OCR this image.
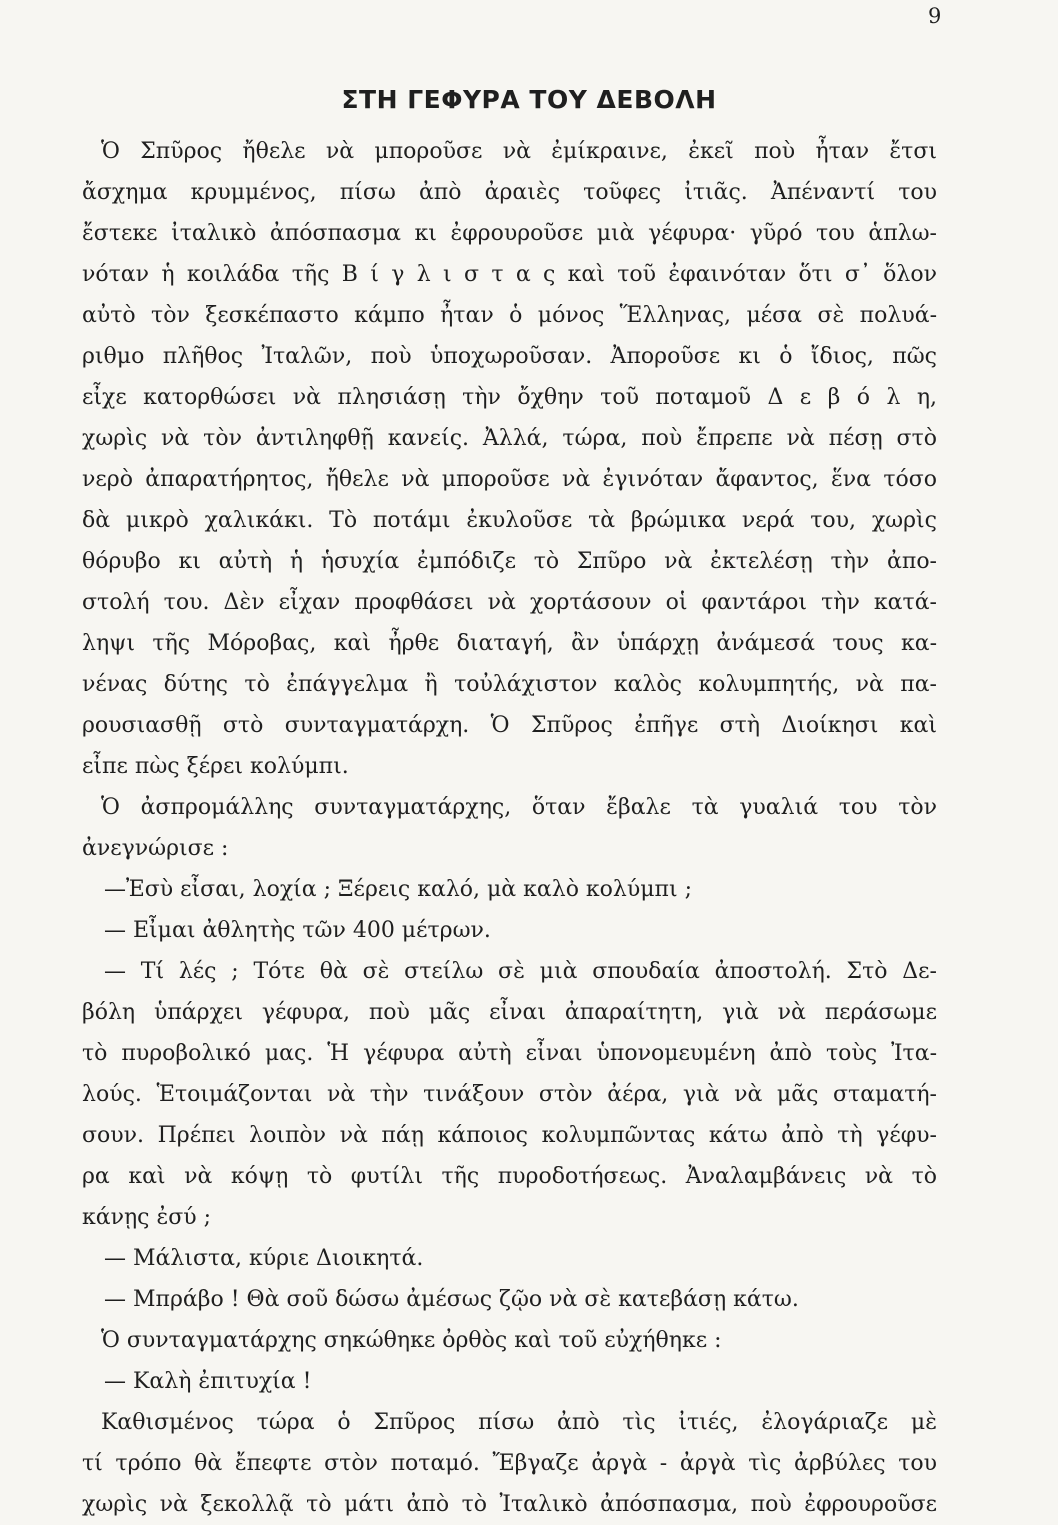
9
ΣΤΗ ΓΕΦΥΡΑ ΤΟΥ ΔΕΒΟΛΗ
Ὁ Σπῦρος ἤθελε νὰ μποροῦσε νὰ ἐμίκραινε, ἐκεῖ ποὺ ἦταν ἔτσι
ἄσχημα κρυμμένος, πίσω ἀπὸ ἀραιὲς τοῦφες ἰτιᾶς. Ἀπέναντί του
ἔστεκε ἰταλικὸ ἀπόσπασμα κι ἐφρουροῦσε μιὰ γέφυρα· γῦρό του ἁπλω-
νόταν ἡ κοιλάδα τῆς Β ί γ λ ι σ τ α ς καὶ τοῦ ἐφαινόταν ὅτι σ᾽ ὅλον
αὐτὸ τὸν ξεσκέπαστο κάμπο ἦταν ὁ μόνος Ἕλληνας, μέσα σὲ πολυά-
ριθμο πλῆθος Ἰταλῶν, ποὺ ὑποχωροῦσαν. Ἀποροῦσε κι ὁ ἴδιος, πῶς
εἶχε κατορθώσει νὰ πλησιάσῃ τὴν ὄχθην τοῦ ποταμοῦ Δ ε β ό λ η,
χωρὶς νὰ τὸν ἀντιληφθῇ κανείς. Ἀλλά, τώρα, ποὺ ἔπρεπε νὰ πέσῃ στὸ
νερὸ ἀπαρατήρητος, ἤθελε νὰ μποροῦσε νὰ ἐγινόταν ἄφαντος, ἕνα τόσο
δὰ μικρὸ χαλικάκι. Τὸ ποτάμι ἐκυλοῦσε τὰ βρώμικα νερά του, χωρὶς
θόρυβο κι αὐτὴ ἡ ἡσυχία ἐμπόδιζε τὸ Σπῦρο νὰ ἐκτελέσῃ τὴν ἀπο-
στολή του. Δὲν εἶχαν προφθάσει νὰ χορτάσουν οἱ φαντάροι τὴν κατά-
ληψι τῆς Μόροβας, καὶ ἦρθε διαταγή, ἂν ὑπάρχῃ ἀνάμεσά τους κα-
νένας δύτης τὸ ἐπάγγελμα ἢ τοὐλάχιστον καλὸς κολυμπητής, νὰ πα-
ρουσιασθῇ στὸ συνταγματάρχη. Ὁ Σπῦρος ἐπῆγε στὴ Διοίκησι καὶ
εἶπε πὼς ξέρει κολύμπι.
Ὁ ἀσπρομάλλης συνταγματάρχης, ὅταν ἔβαλε τὰ γυαλιά του τὸν
ἀνεγνώρισε :
—Ἐσὺ εἶσαι, λοχία ; Ξέρεις καλό, μὰ καλὸ κολύμπι ;
— Εἶμαι ἀθλητὴς τῶν 400 μέτρων.
— Τί λές ; Τότε θὰ σὲ στείλω σὲ μιὰ σπουδαία ἀποστολή. Στὸ Δε-
βόλη ὑπάρχει γέφυρα, ποὺ μᾶς εἶναι ἀπαραίτητη, γιὰ νὰ περάσωμε
τὸ πυροβολικό μας. Ἡ γέφυρα αὐτὴ εἶναι ὑπονομευμένη ἀπὸ τοὺς Ἰτα-
λούς. Ἑτοιμάζονται νὰ τὴν τινάξουν στὸν ἀέρα, γιὰ νὰ μᾶς σταματή-
σουν. Πρέπει λοιπὸν νὰ πάῃ κάποιος κολυμπῶντας κάτω ἀπὸ τὴ γέφυ-
ρα καὶ νὰ κόψῃ τὸ φυτίλι τῆς πυροδοτήσεως. Ἀναλαμβάνεις νὰ τὸ
κάνῃς ἐσύ ;
— Μάλιστα, κύριε Διοικητά.
— Μπράβο ! Θὰ σοῦ δώσω ἀμέσως ζῷο νὰ σὲ κατεβάσῃ κάτω.
Ὁ συνταγματάρχης σηκώθηκε ὀρθὸς καὶ τοῦ εὐχήθηκε :
— Καλὴ ἐπιτυχία !
Καθισμένος τώρα ὁ Σπῦρος πίσω ἀπὸ τὶς ἰτιές, ἐλογάριαζε μὲ
τί τρόπο θὰ ἔπεφτε στὸν ποταμό. Ἔβγαζε ἀργὰ - ἀργὰ τὶς ἀρβύλες του
χωρὶς νὰ ξεκολλᾷ τὸ μάτι ἀπὸ τὸ Ἰταλικὸ ἀπόσπασμα, ποὺ ἐφρουροῦσε
